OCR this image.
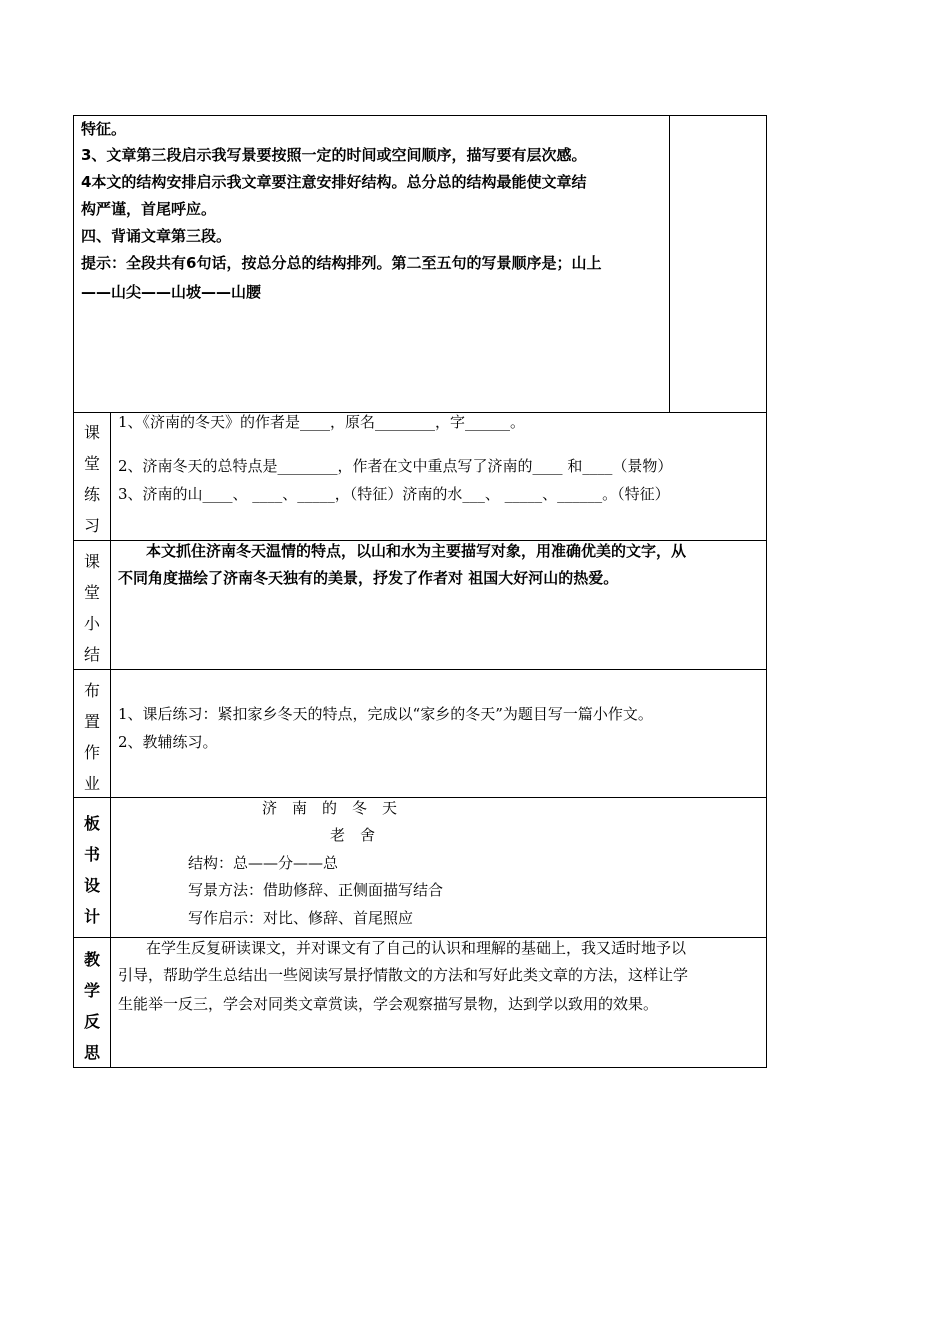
特征。
3、文章第三段启示我写景要按照一定的时间或空间顺序，描写要有层次感。
4本文的结构安排启示我文章要注意安排好结构。总分总的结构最能使文章结
构严谨，首尾呼应。
四、背诵文章第三段。
提示：全段共有6句话，按总分总的结构排列。第二至五句的写景顺序是；山上
——山尖——山坡——山腰
课
堂
练
习
1、《济南的冬天》的作者是____，原名________，字______。
2、济南冬天的总特点是________，作者在文中重点写了济南的____ 和____（景物）
3、济南的山____、 ____、_____，（特征）济南的水___、 _____、______。（特征）
课
堂
小
结
本文抓住济南冬天温情的特点，以山和水为主要描写对象，用准确优美的文字，从
不同角度描绘了济南冬天独有的美景，抒发了作者对 祖国大好河山的热爱。
布
置
作
业
1、课后练习：紧扣家乡冬天的特点，完成以“家乡的冬天”为题目写一篇小作文。
2、教辅练习。
板
书
设
计
济　南　的　冬　天
老　舍
结构：总——分——总
写景方法：借助修辞、正侧面描写结合
写作启示：对比、修辞、首尾照应
教
学
反
思
在学生反复研读课文，并对课文有了自己的认识和理解的基础上，我又适时地予以
引导，帮助学生总结出一些阅读写景抒情散文的方法和写好此类文章的方法，这样让学
生能举一反三，学会对同类文章赏读，学会观察描写景物，达到学以致用的效果。
